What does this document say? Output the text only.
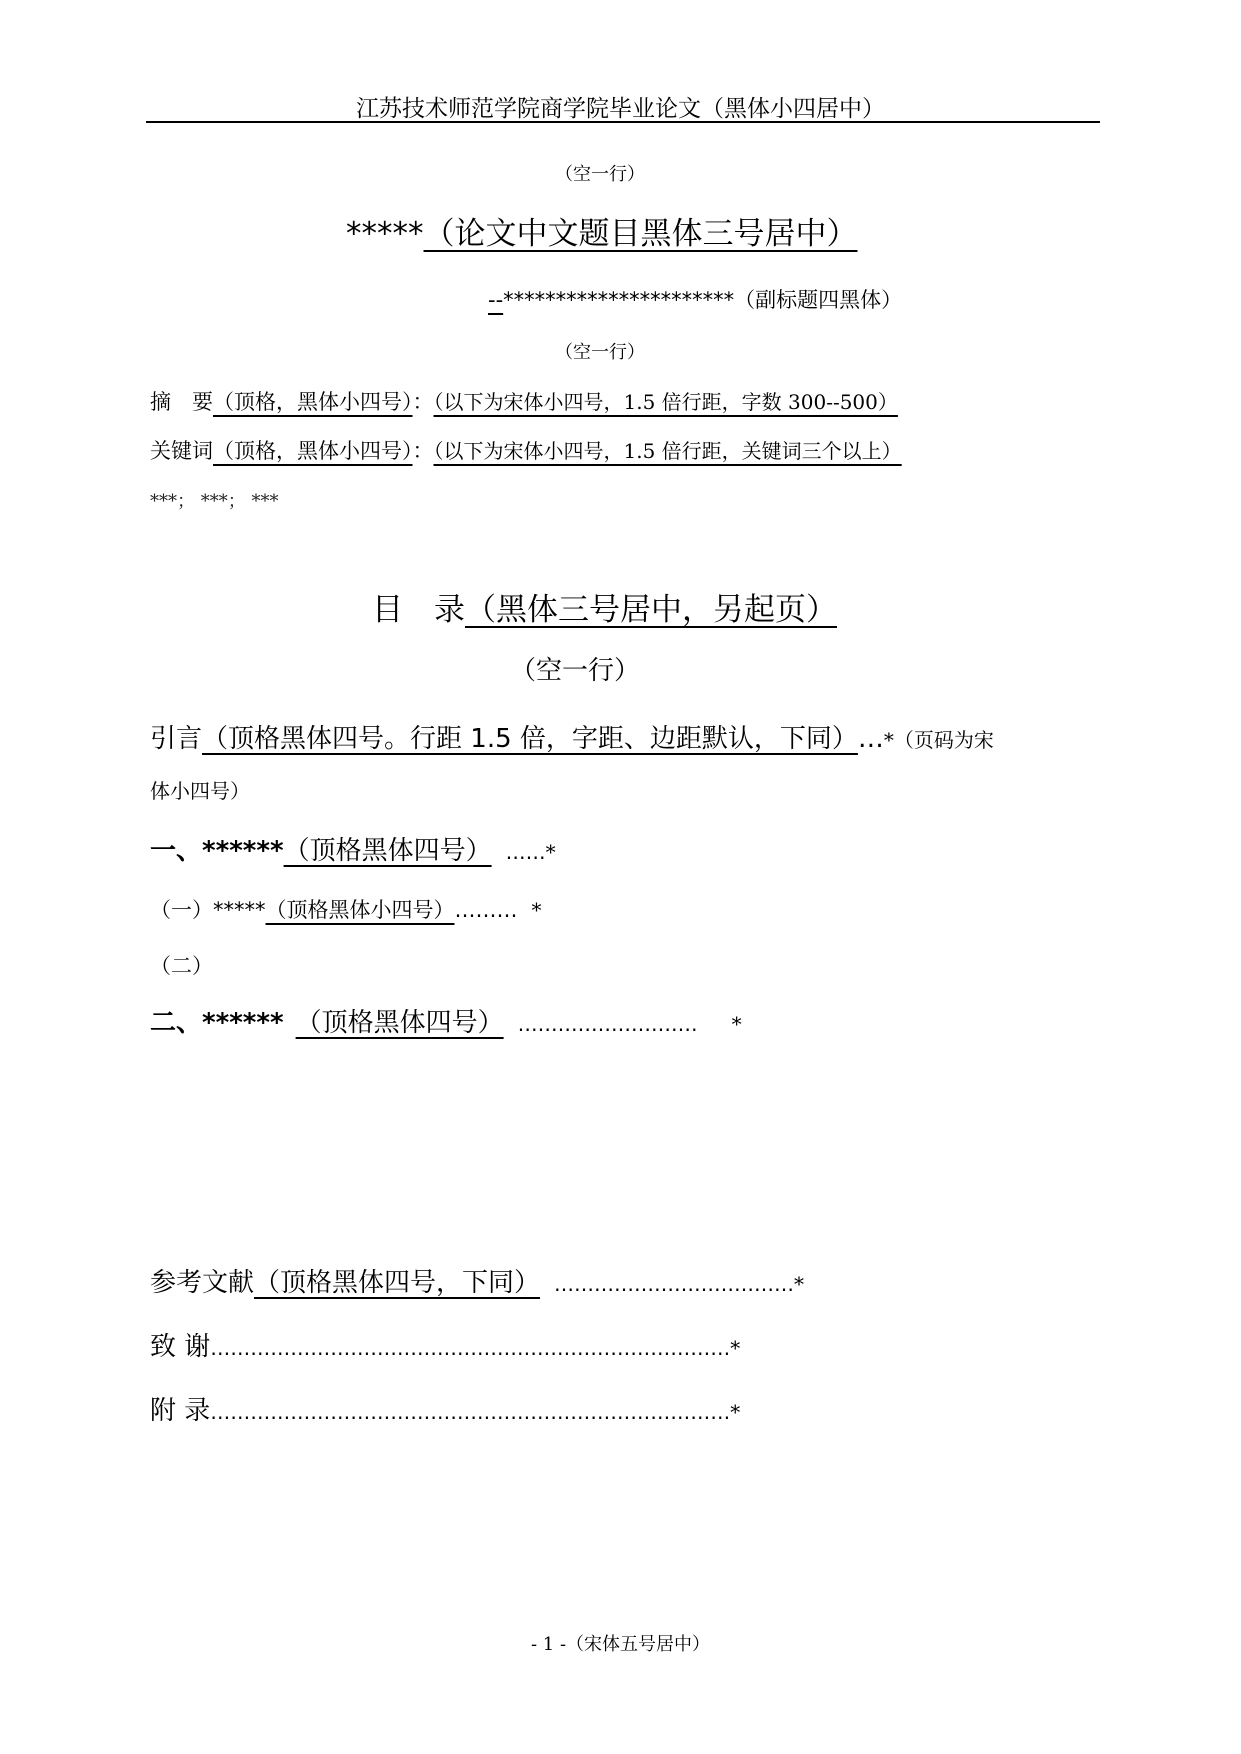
江苏技术师范学院商学院毕业论文（黑体小四居中）
（空一行）
*****（论文中文题目黑体三号居中）
--**********************（副标题四黑体）
（空一行）
摘　要（顶格，黑体小四号）：（以下为宋体小四号，1.5 倍行距，字数 300--500）
关键词（顶格，黑体小四号）：（以下为宋体小四号，1.5 倍行距，关键词三个以上）
***； ***； ***
目　录（黑体三号居中，另起页）
（空一行）
引言（顶格黑体四号。行距 1.5 倍，字距、边距默认，下同）…*（页码为宋
体小四号）
一、******（顶格黑体四号） ……*
（一）*****（顶格黑体小四号）……… *
（二）
二、****** （顶格黑体四号） ……………………… *
参考文献（顶格黑体四号，下同） ………………………………*
致 谢……………………………………………………………………*
附 录……………………………………………………………………*
- 1 -（宋体五号居中）
